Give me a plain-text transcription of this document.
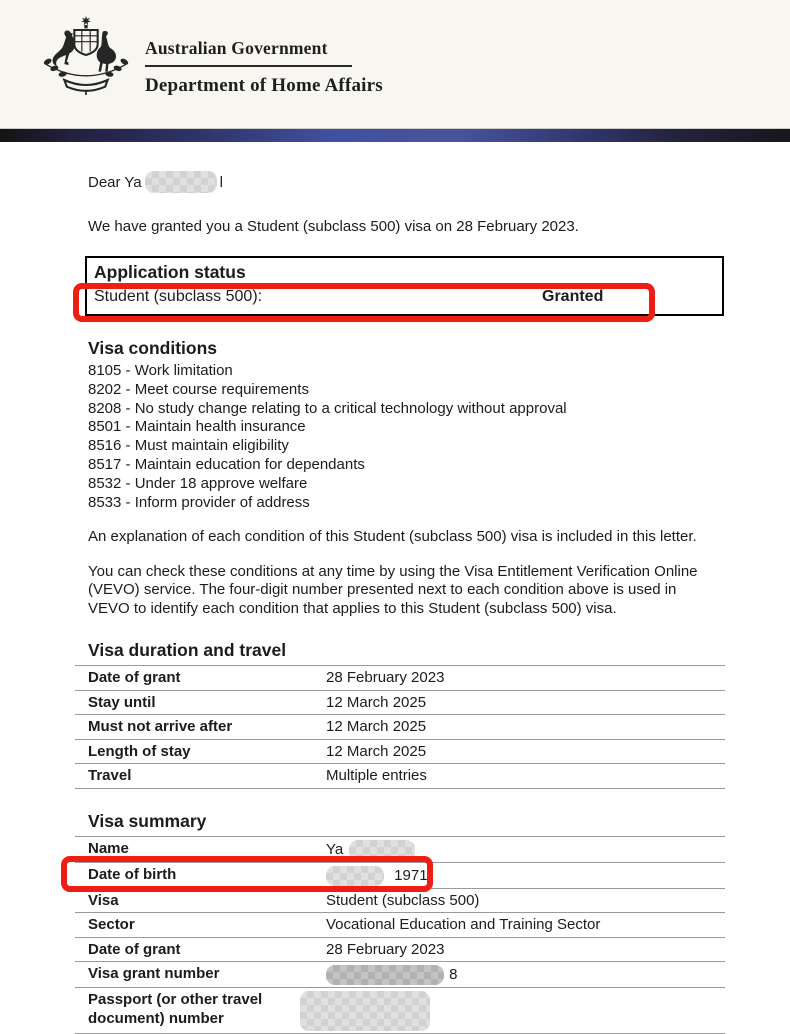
Australian Government
Department of Home Affairs
Dear Ya	l

We have granted you a Student (subclass 500) visa on 28 February 2023.

Application status
Student (subclass 500):	Granted
Visa conditions
8105 - Work limitation
8202 - Meet course requirements
8208 - No study change relating to a critical technology without approval
8501 - Maintain health insurance
8516 - Must maintain eligibility
8517 - Maintain education for dependants
8532 - Under 18 approve welfare
8533 - Inform provider of address

An explanation of each condition of this Student (subclass 500) visa is included in this letter.

You can check these conditions at any time by using the Visa Entitlement Verification Online
(VEVO) service. The four-digit number presented next to each condition above is used in
VEVO to identify each condition that applies to this Student (subclass 500) visa.

Visa duration and travel
Date of grant	28 February 2023
Stay until	12 March 2025
Must not arrive after	12 March 2025
Length of stay	12 March 2025
Travel	Multiple entries
Visa summary
Name	Ya
Date of birth	1971
Visa	Student (subclass 500)
Sector	Vocational Education and Training Sector
Date of grant	28 February 2023
Visa grant number	8
Passport (or other travel document) number
